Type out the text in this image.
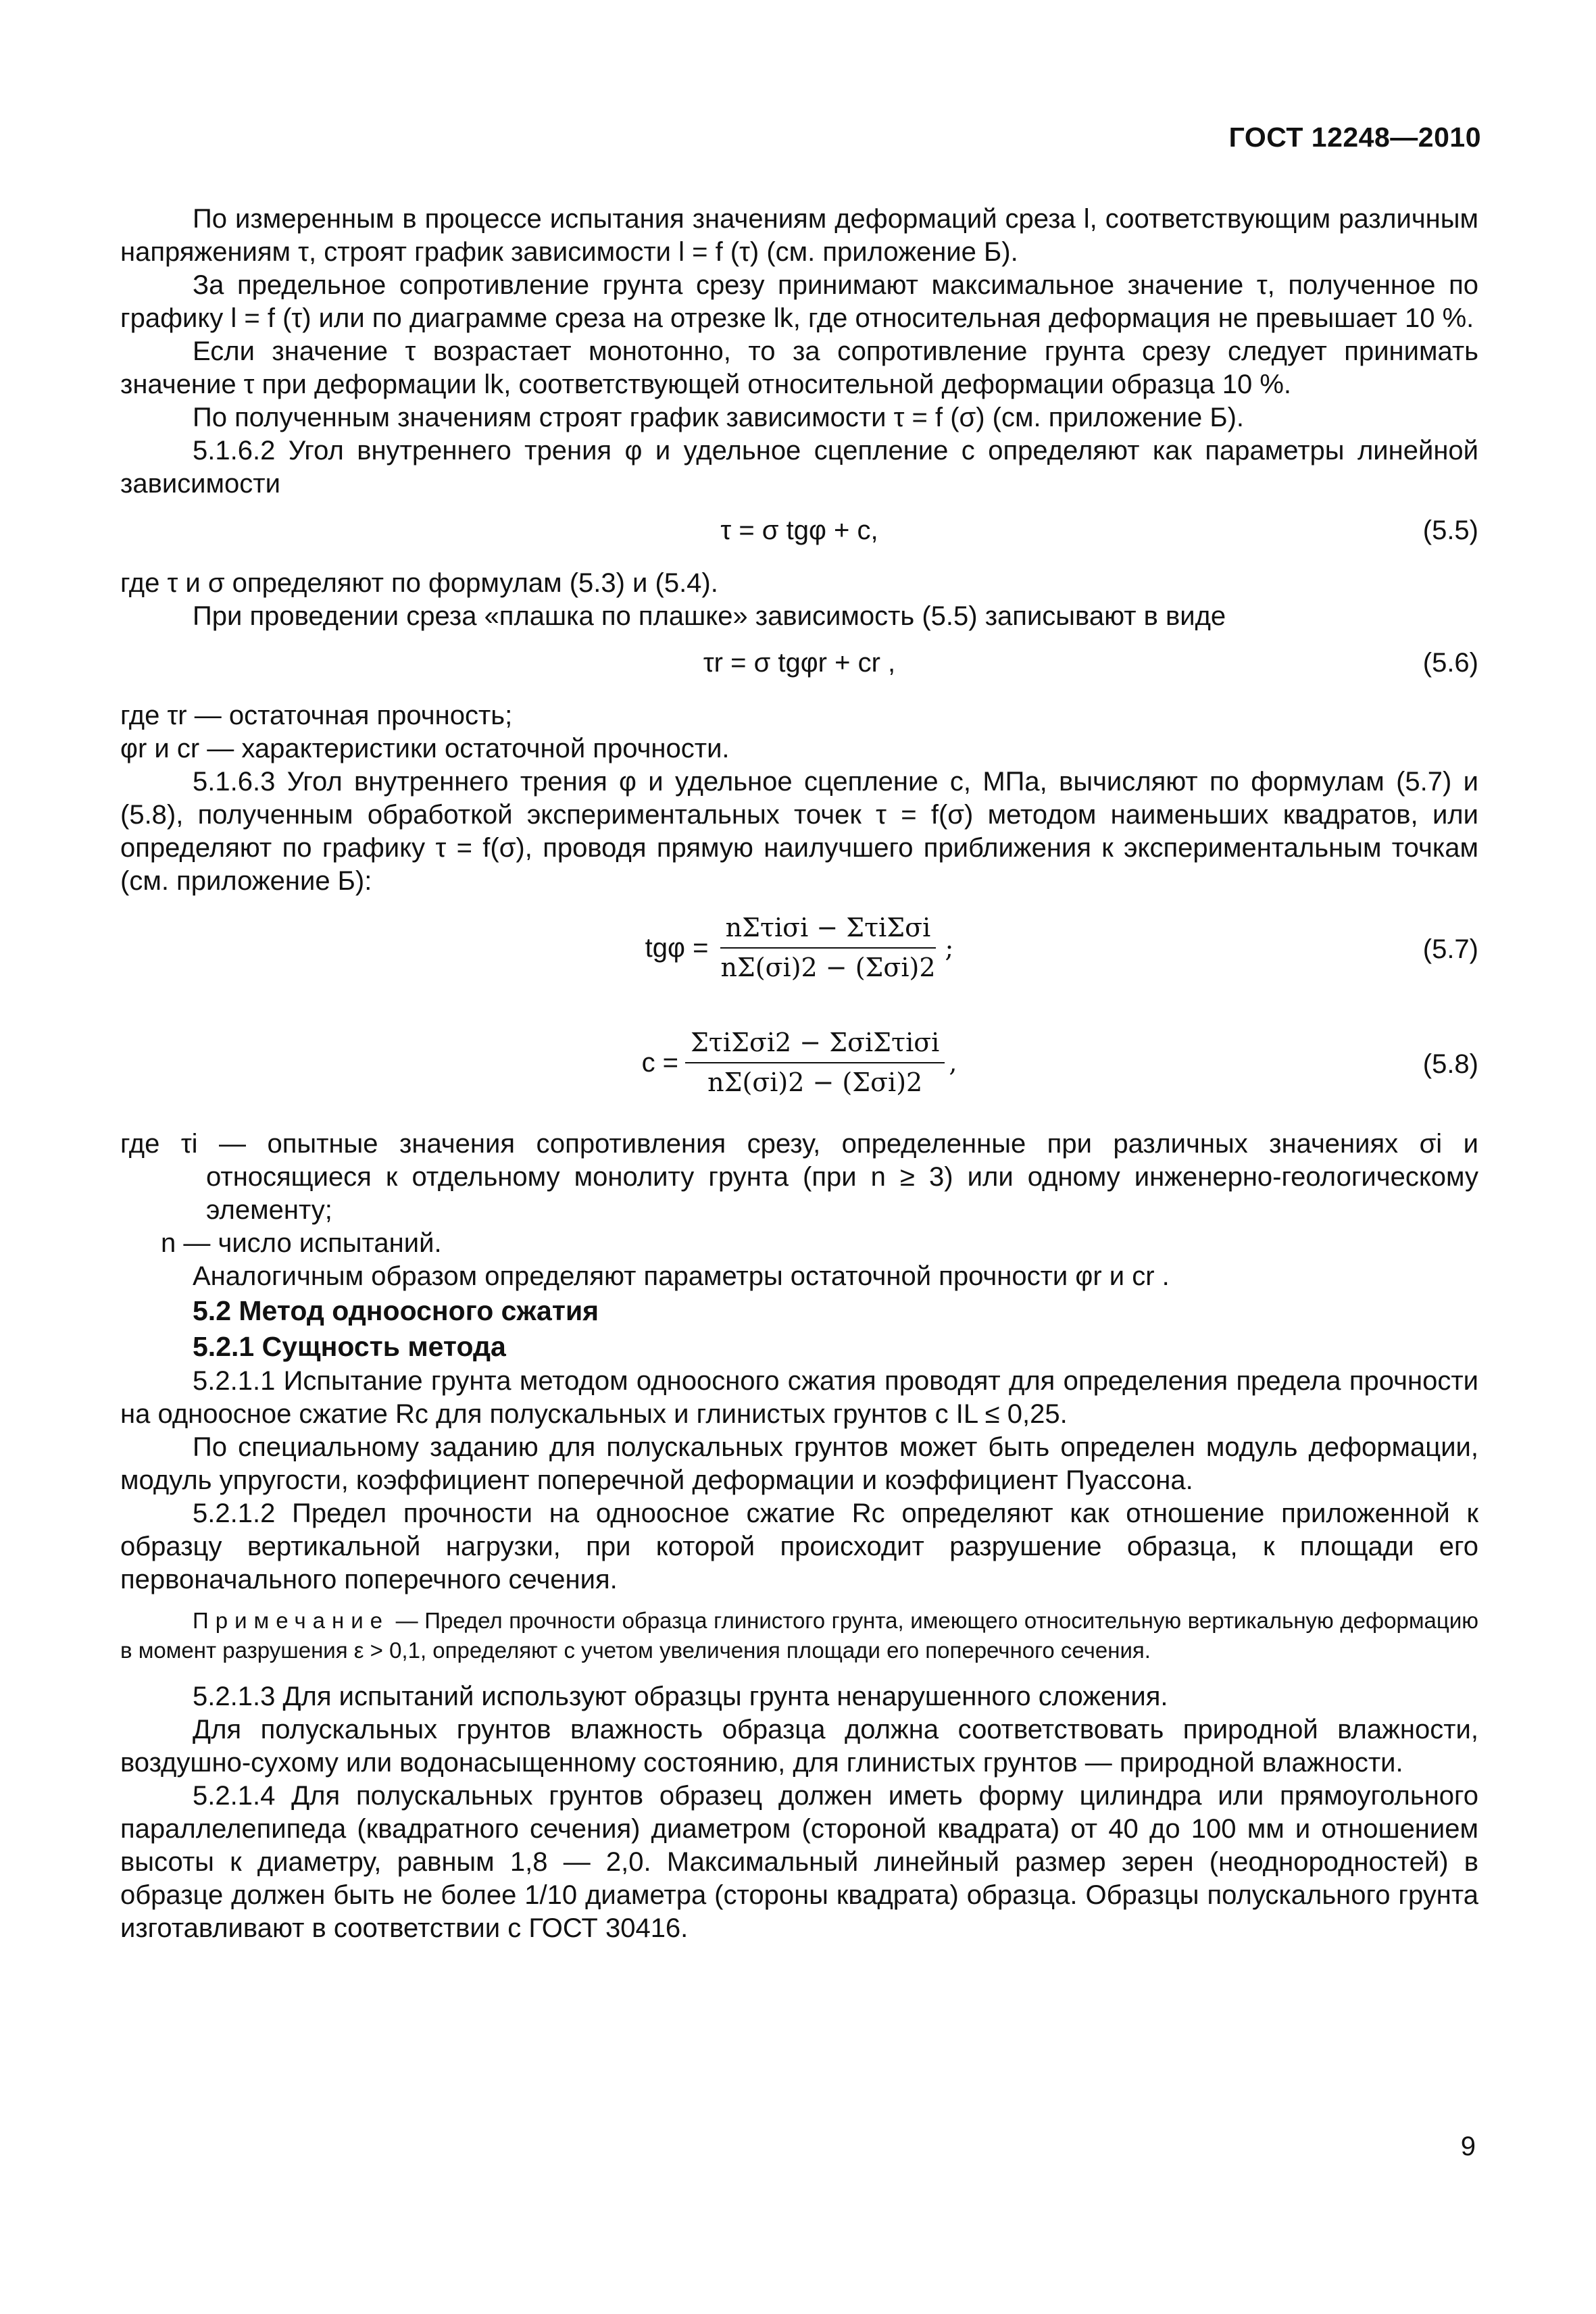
ГОСТ 12248—2010

По измеренным в процессе испытания значениям деформаций среза l, соответствующим различным напряжениям τ, строят график зависимости l = f (τ) (см. приложение Б).

За предельное сопротивление грунта срезу принимают максимальное значение τ, полученное по графику l = f (τ) или по диаграмме среза на отрезке lk, где относительная деформация не превышает 10 %.

Если значение τ возрастает монотонно, то за сопротивление грунта срезу следует принимать значение τ при деформации lk, соответствующей относительной деформации образца 10 %.

По полученным значениям строят график зависимости τ = f (σ) (см. приложение Б).

5.1.6.2 Угол внутреннего трения φ и удельное сцепление c определяют как параметры линейной зависимости

τ = σ tgφ + c,	(5.5)

где τ и σ определяют по формулам (5.3) и (5.4).

При проведении среза «плашка по плашке» зависимость (5.5) записывают в виде

τr = σ tgφr + cr ,	(5.6)

где τr — остаточная прочность;

φr и cr — характеристики остаточной прочности.

5.1.6.3 Угол внутреннего трения φ и удельное сцепление c, МПа, вычисляют по формулам (5.7) и (5.8), полученным обработкой экспериментальных точек τ = f(σ) методом наименьших квадратов, или определяют по графику τ = f(σ), проводя прямую наилучшего приближения к экспериментальным точкам (см. приложение Б):

tgφ =
nΣτiσi − ΣτiΣσi
nΣ(σi)2 − (Σσi)2
;	(5.7)
c =
ΣτiΣσi2 − ΣσiΣτiσi
nΣ(σi)2 − (Σσi)2
,	(5.8)

где τi — опытные значения сопротивления срезу, определенные при различных значениях σi и относящиеся к отдельному монолиту грунта (при n ≥ 3) или одному инженерно-геологическому элементу;

n — число испытаний.

Аналогичным образом определяют параметры остаточной прочности φr и cr .

5.2 Метод одноосного сжатия

5.2.1 Сущность метода

5.2.1.1 Испытание грунта методом одноосного сжатия проводят для определения предела прочности на одноосное сжатие Rc для полускальных и глинистых грунтов с IL ≤ 0,25.

По специальному заданию для полускальных грунтов может быть определен модуль деформации, модуль упругости, коэффициент поперечной деформации и коэффициент Пуассона.

5.2.1.2 Предел прочности на одноосное сжатие Rc определяют как отношение приложенной к образцу вертикальной нагрузки, при которой происходит разрушение образца, к площади его первоначального поперечного сечения.

Примечание — Предел прочности образца глинистого грунта, имеющего относительную вертикальную деформацию в момент разрушения ε > 0,1, определяют с учетом увеличения площади его поперечного сечения.

5.2.1.3 Для испытаний используют образцы грунта ненарушенного сложения.

Для полускальных грунтов влажность образца должна соответствовать природной влажности, воздушно-сухому или водонасыщенному состоянию, для глинистых грунтов — природной влажности.

5.2.1.4 Для полускальных грунтов образец должен иметь форму цилиндра или прямоугольного параллелепипеда (квадратного сечения) диаметром (стороной квадрата) от 40 до 100 мм и отношением высоты к диаметру, равным 1,8 — 2,0. Максимальный линейный размер зерен (неоднородностей) в образце должен быть не более 1/10 диаметра (стороны квадрата) образца. Образцы полускального грунта изготавливают в соответствии с ГОСТ 30416.

9
